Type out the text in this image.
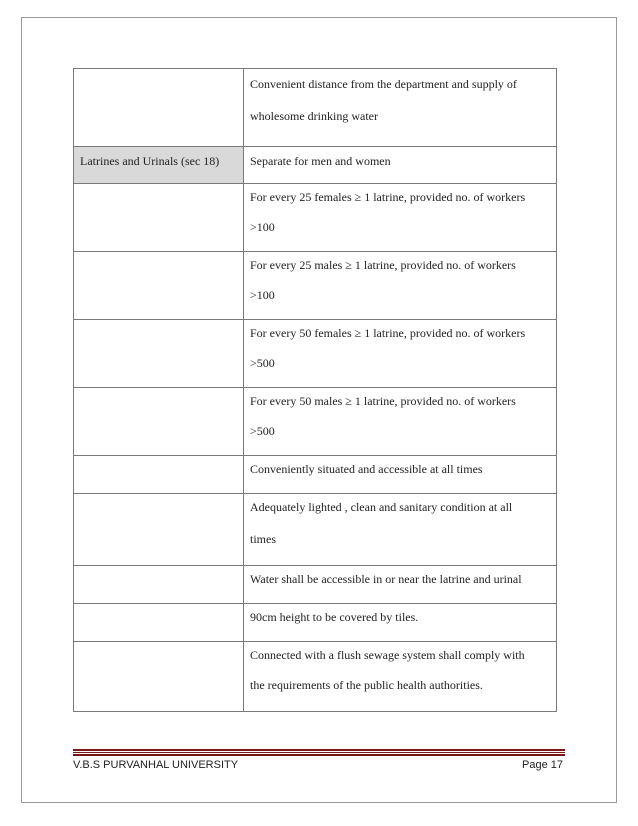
	Convenient distance from the department and supply of
wholesome drinking water

Latrines and Urinals (sec 18)	Separate for men and women

	For every 25 females ≥ 1 latrine, provided no. of workers
>100

	For every 25 males ≥ 1 latrine, provided no. of workers
>100

	For every 50 females ≥ 1 latrine, provided no. of workers
>500

	For every 50 males ≥ 1 latrine, provided no. of workers
>500

	Conveniently situated and accessible at all times

	Adequately lighted , clean and sanitary condition at all
times

	Water shall be accessible in or near the latrine and urinal

	90cm height to be covered by tiles.

	Connected with a flush sewage system shall comply with
the requirements of the public health authorities.
V.B.S PURVANHAL UNIVERSITY	Page 17
